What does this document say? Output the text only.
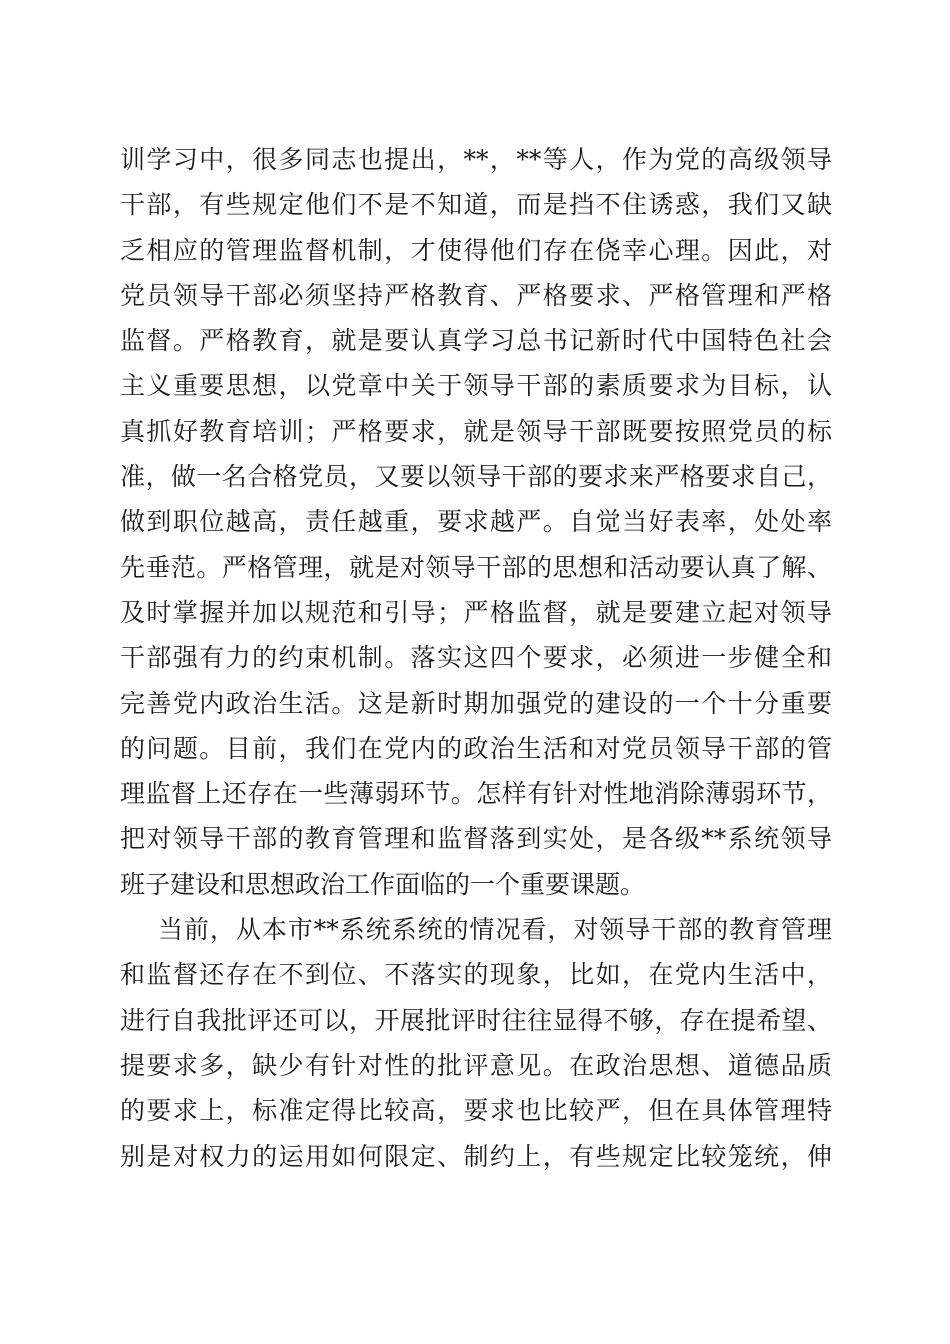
训学习中，很多同志也提出，**，**等人，作为党的高级领导
干部，有些规定他们不是不知道，而是挡不住诱惑，我们又缺
乏相应的管理监督机制，才使得他们存在侥幸心理。因此，对
党员领导干部必须坚持严格教育、严格要求、严格管理和严格
监督。严格教育，就是要认真学习总书记新时代中国特色社会
主义重要思想，以党章中关于领导干部的素质要求为目标，认
真抓好教育培训；严格要求，就是领导干部既要按照党员的标
准，做一名合格党员，又要以领导干部的要求来严格要求自己，
做到职位越高，责任越重，要求越严。自觉当好表率，处处率
先垂范。严格管理，就是对领导干部的思想和活动要认真了解、
及时掌握并加以规范和引导；严格监督，就是要建立起对领导
干部强有力的约束机制。落实这四个要求，必须进一步健全和
完善党内政治生活。这是新时期加强党的建设的一个十分重要
的问题。目前，我们在党内的政治生活和对党员领导干部的管
理监督上还存在一些薄弱环节。怎样有针对性地消除薄弱环节，
把对领导干部的教育管理和监督落到实处，是各级**系统领导
班子建设和思想政治工作面临的一个重要课题。
当前，从本市**系统系统的情况看，对领导干部的教育管理
和监督还存在不到位、不落实的现象，比如，在党内生活中，
进行自我批评还可以，开展批评时往往显得不够，存在提希望、
提要求多，缺少有针对性的批评意见。在政治思想、道德品质
的要求上，标准定得比较高，要求也比较严，但在具体管理特
别是对权力的运用如何限定、制约上，有些规定比较笼统，伸
